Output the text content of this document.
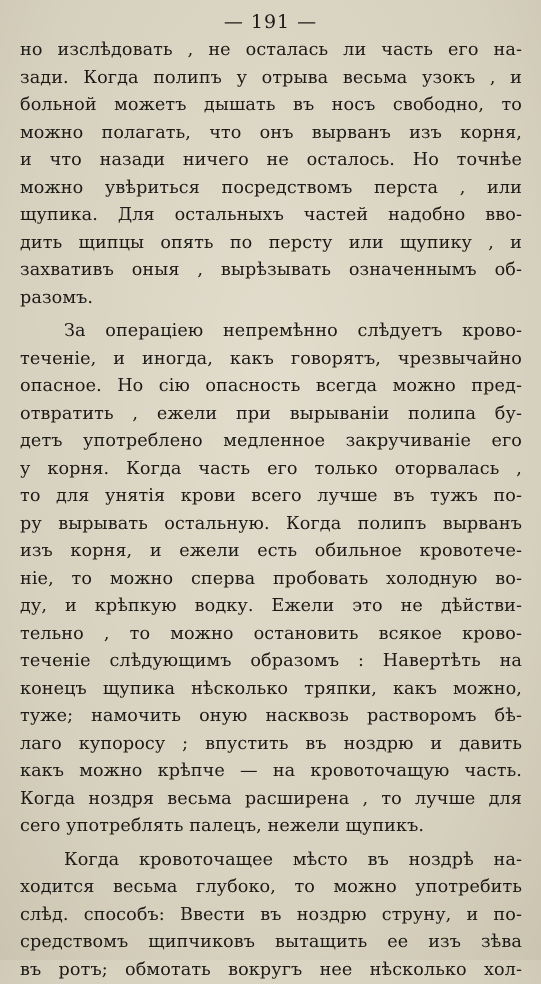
— 191 —
но изслѣдовать , не осталась ли часть его на-
зади. Когда полипъ у отрыва весьма узокъ , и
больной можетъ дышать въ носъ свободно, то
можно полагать, что онъ вырванъ изъ корня,
и что назади ничего не осталось. Но точнѣе
можно увѣриться посредствомъ перста , или
щупика. Для остальныхъ частей надобно вво-
дить щипцы опять по персту или щупику , и
захвативъ оныя , вырѣзывать означеннымъ об-
разомъ.
За операціею непремѣнно слѣдуетъ крово-
теченіе, и иногда, какъ говорятъ, чрезвычайно
опасное. Но сію опасность всегда можно пред-
отвратить , ежели при вырываніи полипа бу-
детъ употреблено медленное закручиваніе его
у корня. Когда часть его только оторвалась ,
то для унятія крови всего лучше въ тужъ по-
ру вырывать остальную. Когда полипъ вырванъ
изъ корня, и ежели есть обильное кровотече-
ніе, то можно сперва пробовать холодную во-
ду, и крѣпкую водку. Ежели это не дѣйстви-
тельно , то можно остановить всякое крово-
теченіе слѣдующимъ образомъ : Навертѣть на
конецъ щупика нѣсколько тряпки, какъ можно,
туже; намочить оную насквозь растворомъ бѣ-
лаго купоросу ; впустить въ ноздрю и давить
какъ можно крѣпче — на кровоточащую часть.
Когда ноздря весьма расширена , то лучше для
сего употреблять палецъ, нежели щупикъ.
Когда кровоточащее мѣсто въ ноздрѣ на-
ходится весьма глубоко, то можно употребить
слѣд. способъ: Ввести въ ноздрю струну, и по-
средствомъ щипчиковъ вытащить ее изъ зѣва
въ ротъ; обмотать вокругъ нее нѣсколько хол-
